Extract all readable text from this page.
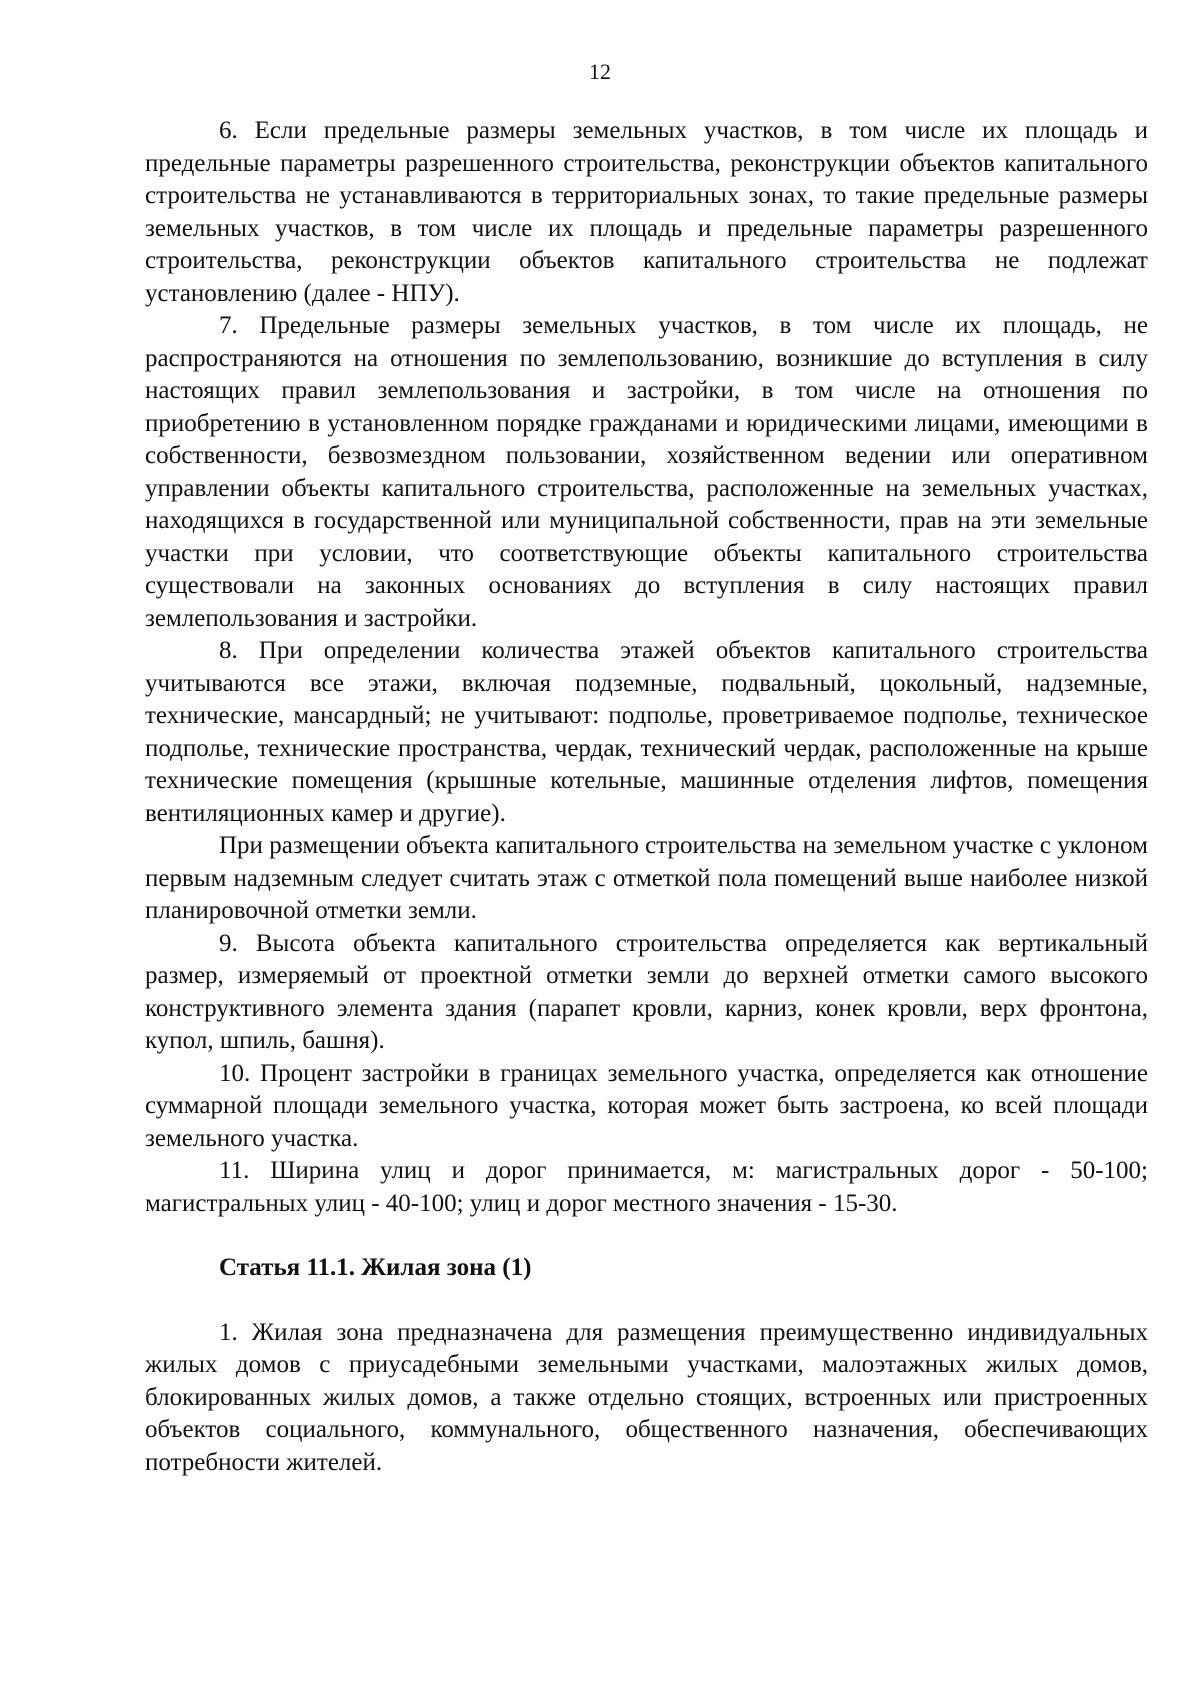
12

6. Если предельные размеры земельных участков, в том числе их площадь и предельные параметры разрешенного строительства, реконструкции объектов капитального строительства не устанавливаются в территориальных зонах, то такие предельные размеры земельных участков, в том числе их площадь и предельные параметры разрешенного строительства, реконструкции объектов капитального строительства не подлежат установлению (далее - НПУ).

7. Предельные размеры земельных участков, в том числе их площадь, не распространяются на отношения по землепользованию, возникшие до вступления в силу настоящих правил землепользования и застройки, в том числе на отношения по приобретению в установленном порядке гражданами и юридическими лицами, имеющими в собственности, безвозмездном пользовании, хозяйственном ведении или оперативном управлении объекты капитального строительства, расположенные на земельных участках, находящихся в государственной или муниципальной собственности, прав на эти земельные участки при условии, что соответствующие объекты капитального строительства существовали на законных основаниях до вступления в силу настоящих правил землепользования и застройки.

8. При определении количества этажей объектов капитального строительства учитываются все этажи, включая подземные, подвальный, цокольный, надземные, технические, мансардный; не учитывают: подполье, проветриваемое подполье, техническое подполье, технические пространства, чердак, технический чердак, расположенные на крыше технические помещения (крышные котельные, машинные отделения лифтов, помещения вентиляционных камер и другие).

При размещении объекта капитального строительства на земельном участке с уклоном первым надземным следует считать этаж с отметкой пола помещений выше наиболее низкой планировочной отметки земли.

9. Высота объекта капитального строительства определяется как вертикальный размер, измеряемый от проектной отметки земли до верхней отметки самого высокого конструктивного элемента здания (парапет кровли, карниз, конек кровли, верх фронтона, купол, шпиль, башня).

10. Процент застройки в границах земельного участка, определяется как отношение суммарной площади земельного участка, которая может быть застроена, ко всей площади земельного участка.

11. Ширина улиц и дорог принимается, м: магистральных дорог - 50-100; магистральных улиц - 40-100; улиц и дорог местного значения - 15-30.

Статья 11.1. Жилая зона (1)

1. Жилая зона предназначена для размещения преимущественно индивидуальных жилых домов с приусадебными земельными участками, малоэтажных жилых домов, блокированных жилых домов, а также отдельно стоящих, встроенных или пристроенных объектов социального, коммунального, общественного назначения, обеспечивающих потребности жителей.
